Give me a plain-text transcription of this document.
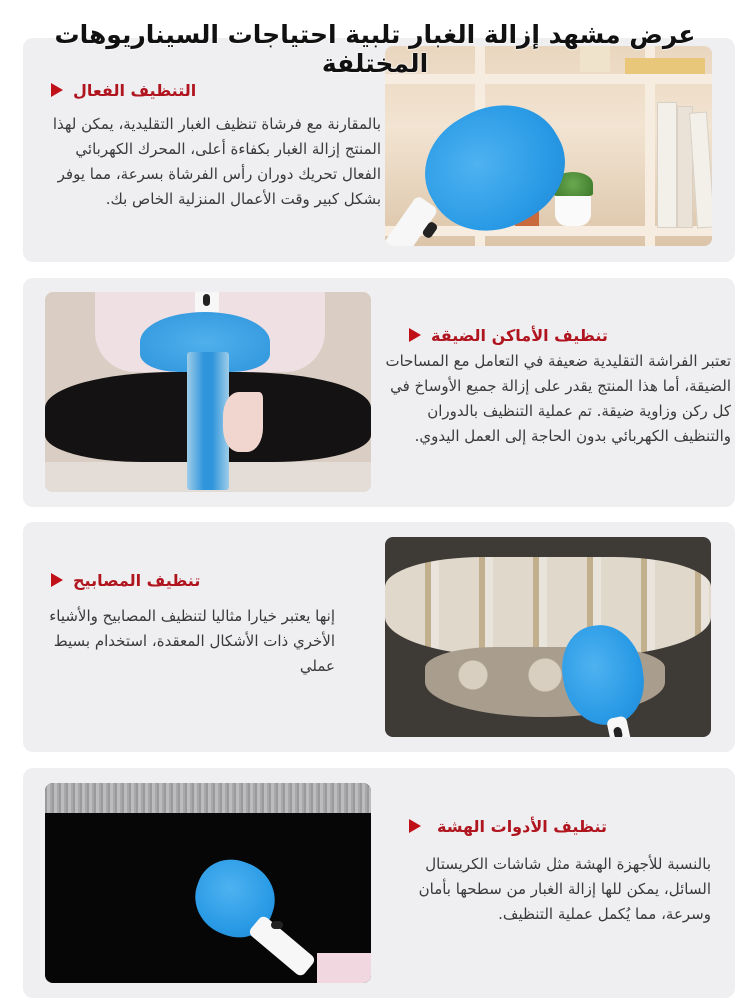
عرض مشهد إزالة الغبار تلبية احتياجات السيناريوهات المختلفة
التنظيف الفعال
بالمقارنة مع فرشاة تنظيف الغبار التقليدية، يمكن لهذا المنتج إزالة الغبار بكفاءة أعلى، المحرك الكهربائي الفعال تحريك دوران رأس الفرشاة بسرعة، مما يوفر بشكل كبير وقت الأعمال المنزلية الخاص بك.
تنظيف الأماكن الضيقة
تعتبر الفراشة التقليدية ضعيفة في التعامل مع المساحات الضيقة، أما هذا المنتج يقدر على إزالة جميع الأوساخ في كل ركن وزاوية ضيقة. تم عملية التنظيف بالدوران والتنظيف الكهربائي بدون الحاجة إلى العمل اليدوي.
تنظيف المصابيح
إنها يعتبر خيارا مثاليا لتنظيف المصابيح والأشياء الأخري ذات الأشكال المعقدة، استخدام بسيط عملي
تنظيف الأدوات الهشة
بالنسبة للأجهزة الهشة مثل شاشات الكريستال السائل، يمكن للها إزالة الغبار من سطحها بأمان وسرعة، مما يُكمل عملية التنظيف.
